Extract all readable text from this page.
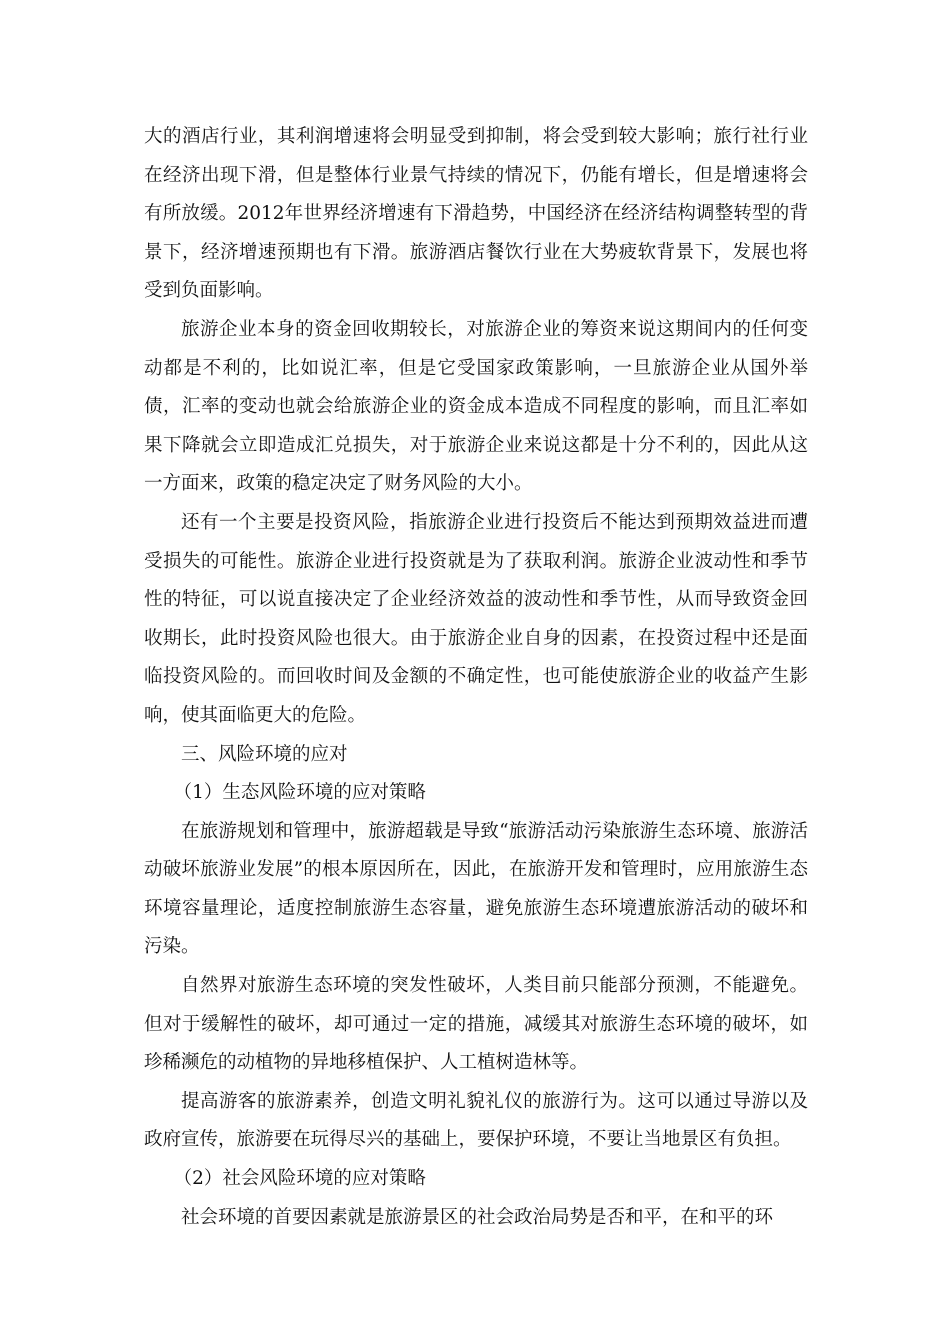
大的酒店行业，其利润增速将会明显受到抑制，将会受到较大影响；旅行社行业在经济出现下滑，但是整体行业景气持续的情况下，仍能有增长，但是增速将会有所放缓。2012年世界经济增速有下滑趋势，中国经济在经济结构调整转型的背景下，经济增速预期也有下滑。旅游酒店餐饮行业在大势疲软背景下，发展也将受到负面影响。

旅游企业本身的资金回收期较长，对旅游企业的筹资来说这期间内的任何变动都是不利的，比如说汇率，但是它受国家政策影响，一旦旅游企业从国外举债，汇率的变动也就会给旅游企业的资金成本造成不同程度的影响，而且汇率如果下降就会立即造成汇兑损失，对于旅游企业来说这都是十分不利的，因此从这一方面来，政策的稳定决定了财务风险的大小。

还有一个主要是投资风险，指旅游企业进行投资后不能达到预期效益进而遭受损失的可能性。旅游企业进行投资就是为了获取利润。旅游企业波动性和季节性的特征，可以说直接决定了企业经济效益的波动性和季节性，从而导致资金回收期长，此时投资风险也很大。由于旅游企业自身的因素，在投资过程中还是面临投资风险的。而回收时间及金额的不确定性，也可能使旅游企业的收益产生影响，使其面临更大的危险。

三、风险环境的应对

（1）生态风险环境的应对策略

在旅游规划和管理中，旅游超载是导致“旅游活动污染旅游生态环境、旅游活动破坏旅游业发展”的根本原因所在，因此，在旅游开发和管理时，应用旅游生态环境容量理论，适度控制旅游生态容量，避免旅游生态环境遭旅游活动的破坏和污染。

自然界对旅游生态环境的突发性破坏，人类目前只能部分预测，不能避免。但对于缓解性的破坏，却可通过一定的措施，减缓其对旅游生态环境的破坏，如珍稀濒危的动植物的异地移植保护、人工植树造林等。

提高游客的旅游素养，创造文明礼貌礼仪的旅游行为。这可以通过导游以及政府宣传，旅游要在玩得尽兴的基础上，要保护环境，不要让当地景区有负担。

（2）社会风险环境的应对策略

社会环境的首要因素就是旅游景区的社会政治局势是否和平，在和平的环
